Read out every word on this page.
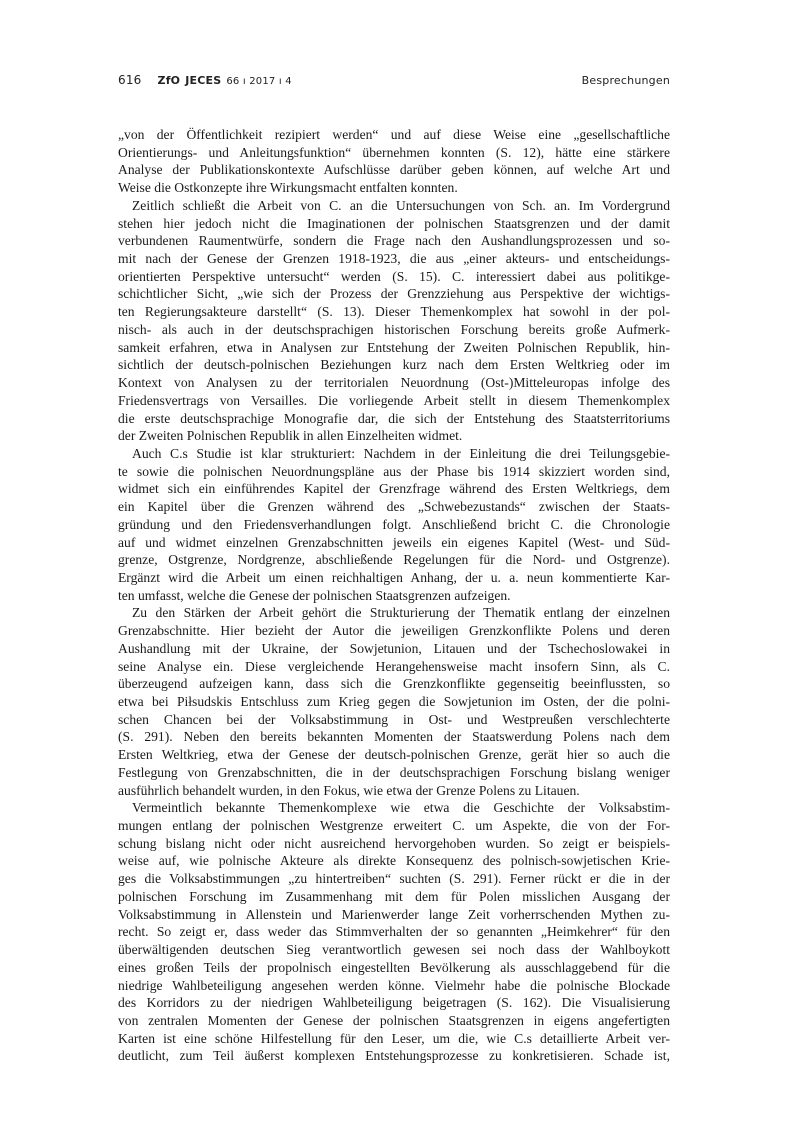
616 ZfO JECES 66 ı 2017 ı 4	Besprechungen
„von der Öffentlichkeit rezipiert werden“ und auf diese Weise eine „gesellschaftliche
Orientierungs- und Anleitungsfunktion“ übernehmen konnten (S. 12), hätte eine stärkere
Analyse der Publikationskontexte Aufschlüsse darüber geben können, auf welche Art und
Weise die Ostkonzepte ihre Wirkungsmacht entfalten konnten.
Zeitlich schließt die Arbeit von C. an die Untersuchungen von Sch. an. Im Vordergrund
stehen hier jedoch nicht die Imaginationen der polnischen Staatsgrenzen und der damit
verbundenen Raumentwürfe, sondern die Frage nach den Aushandlungsprozessen und so-
mit nach der Genese der Grenzen 1918-1923, die aus „einer akteurs- und entscheidungs-
orientierten Perspektive untersucht“ werden (S. 15). C. interessiert dabei aus politikge-
schichtlicher Sicht, „wie sich der Prozess der Grenzziehung aus Perspektive der wichtigs-
ten Regierungsakteure darstellt“ (S. 13). Dieser Themenkomplex hat sowohl in der pol-
nisch- als auch in der deutschsprachigen historischen Forschung bereits große Aufmerk-
samkeit erfahren, etwa in Analysen zur Entstehung der Zweiten Polnischen Republik, hin-
sichtlich der deutsch-polnischen Beziehungen kurz nach dem Ersten Weltkrieg oder im
Kontext von Analysen zu der territorialen Neuordnung (Ost-)Mitteleuropas infolge des
Friedensvertrags von Versailles. Die vorliegende Arbeit stellt in diesem Themenkomplex
die erste deutschsprachige Monografie dar, die sich der Entstehung des Staatsterritoriums
der Zweiten Polnischen Republik in allen Einzelheiten widmet.
Auch C.s Studie ist klar strukturiert: Nachdem in der Einleitung die drei Teilungsgebie-
te sowie die polnischen Neuordnungspläne aus der Phase bis 1914 skizziert worden sind,
widmet sich ein einführendes Kapitel der Grenzfrage während des Ersten Weltkriegs, dem
ein Kapitel über die Grenzen während des „Schwebezustands“ zwischen der Staats-
gründung und den Friedensverhandlungen folgt. Anschließend bricht C. die Chronologie
auf und widmet einzelnen Grenzabschnitten jeweils ein eigenes Kapitel (West- und Süd-
grenze, Ostgrenze, Nordgrenze, abschließende Regelungen für die Nord- und Ostgrenze).
Ergänzt wird die Arbeit um einen reichhaltigen Anhang, der u. a. neun kommentierte Kar-
ten umfasst, welche die Genese der polnischen Staatsgrenzen aufzeigen.
Zu den Stärken der Arbeit gehört die Strukturierung der Thematik entlang der einzelnen
Grenzabschnitte. Hier bezieht der Autor die jeweiligen Grenzkonflikte Polens und deren
Aushandlung mit der Ukraine, der Sowjetunion, Litauen und der Tschechoslowakei in
seine Analyse ein. Diese vergleichende Herangehensweise macht insofern Sinn, als C.
überzeugend aufzeigen kann, dass sich die Grenzkonflikte gegenseitig beeinflussten, so
etwa bei Piłsudskis Entschluss zum Krieg gegen die Sowjetunion im Osten, der die polni-
schen Chancen bei der Volksabstimmung in Ost- und Westpreußen verschlechterte
(S. 291). Neben den bereits bekannten Momenten der Staatswerdung Polens nach dem
Ersten Weltkrieg, etwa der Genese der deutsch-polnischen Grenze, gerät hier so auch die
Festlegung von Grenzabschnitten, die in der deutschsprachigen Forschung bislang weniger
ausführlich behandelt wurden, in den Fokus, wie etwa der Grenze Polens zu Litauen.
Vermeintlich bekannte Themenkomplexe wie etwa die Geschichte der Volksabstim-
mungen entlang der polnischen Westgrenze erweitert C. um Aspekte, die von der For-
schung bislang nicht oder nicht ausreichend hervorgehoben wurden. So zeigt er beispiels-
weise auf, wie polnische Akteure als direkte Konsequenz des polnisch-sowjetischen Krie-
ges die Volksabstimmungen „zu hintertreiben“ suchten (S. 291). Ferner rückt er die in der
polnischen Forschung im Zusammenhang mit dem für Polen misslichen Ausgang der
Volksabstimmung in Allenstein und Marienwerder lange Zeit vorherrschenden Mythen zu-
recht. So zeigt er, dass weder das Stimmverhalten der so genannten „Heimkehrer“ für den
überwältigenden deutschen Sieg verantwortlich gewesen sei noch dass der Wahlboykott
eines großen Teils der propolnisch eingestellten Bevölkerung als ausschlaggebend für die
niedrige Wahlbeteiligung angesehen werden könne. Vielmehr habe die polnische Blockade
des Korridors zu der niedrigen Wahlbeteiligung beigetragen (S. 162). Die Visualisierung
von zentralen Momenten der Genese der polnischen Staatsgrenzen in eigens angefertigten
Karten ist eine schöne Hilfestellung für den Leser, um die, wie C.s detaillierte Arbeit ver-
deutlicht, zum Teil äußerst komplexen Entstehungsprozesse zu konkretisieren. Schade ist,
